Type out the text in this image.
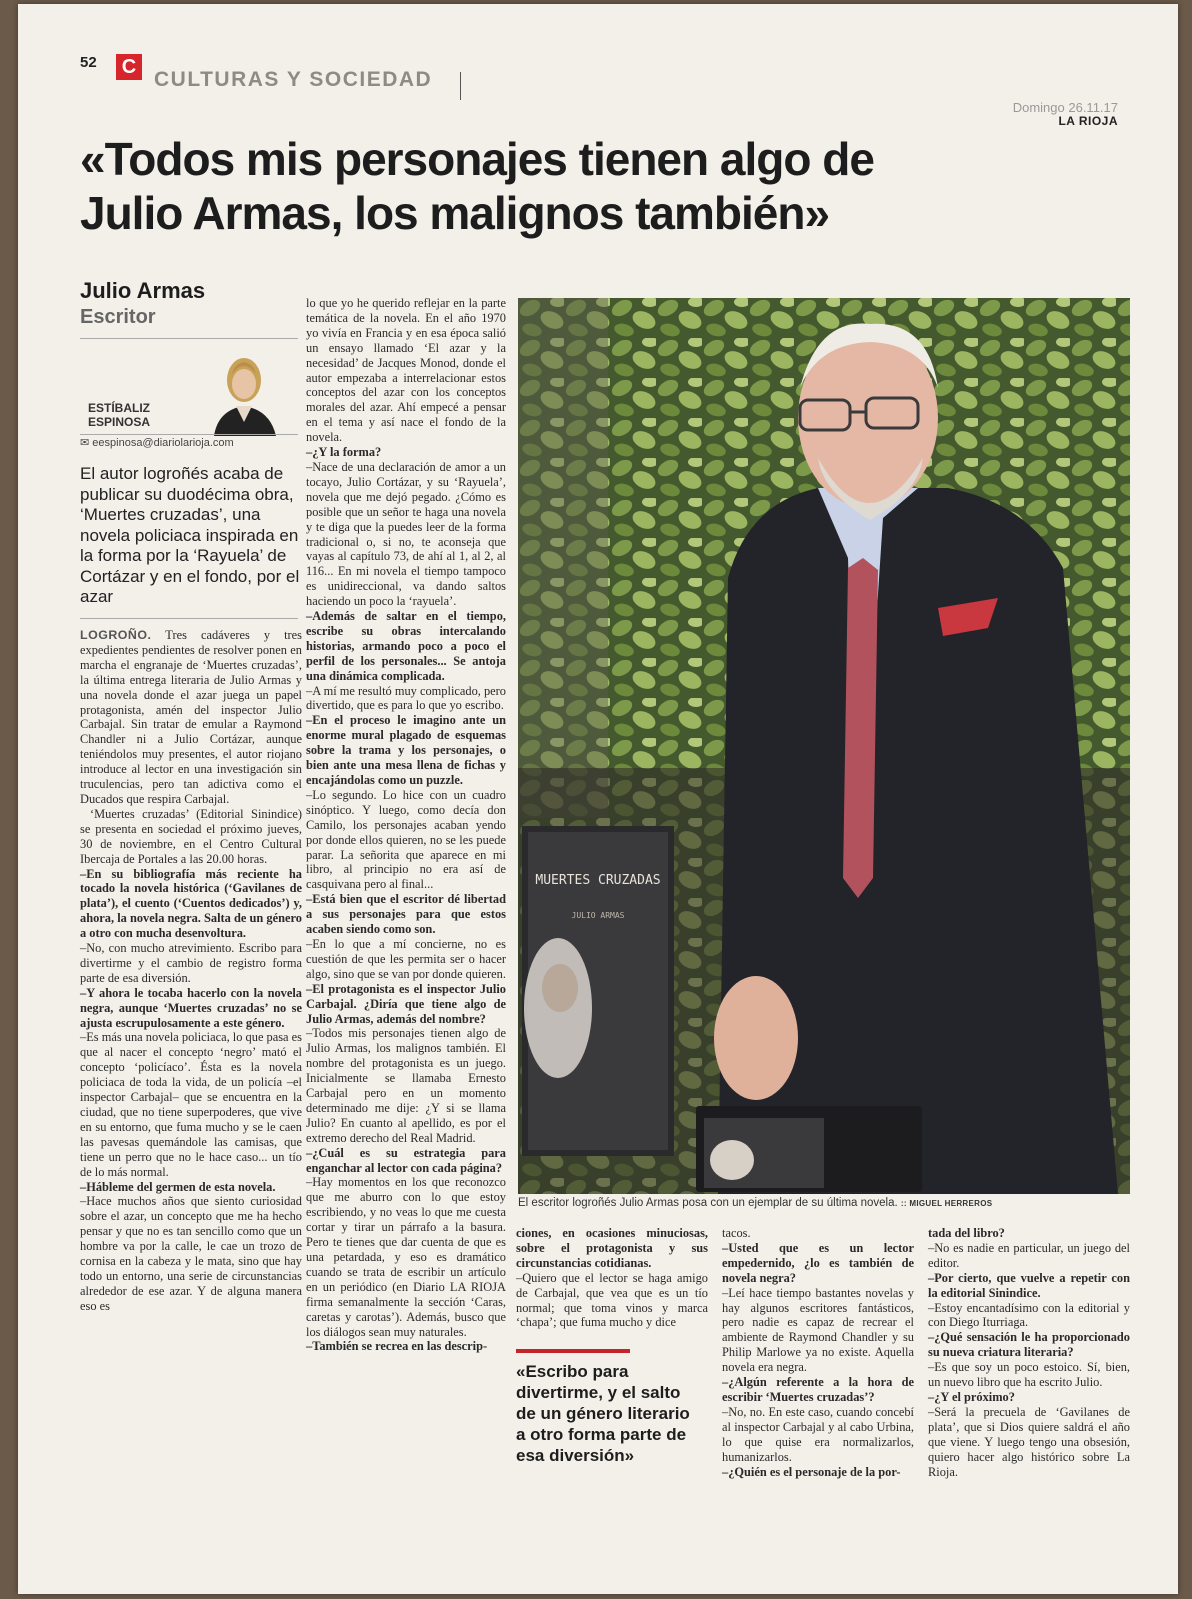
52 C
CULTURAS Y SOCIEDAD
Domingo 26.11.17
LA RIOJA
«Todos mis personajes tienen algo de
Julio Armas, los malignos también»
Julio Armas
Escritor
ESTÍBALIZ
ESPINOSA
✉ eespinosa@diariolarioja.com
El autor logroñés acaba de publicar su duodécima obra, ‘Muertes cruzadas’, una novela policiaca inspirada en la forma por la ‘Rayuela’ de Cortázar y en el fondo, por el azar

LOGROÑO. Tres cadáveres y tres expedientes pendientes de resolver ponen en marcha el engranaje de ‘Muertes cruzadas’, la última entrega literaria de Julio Armas y una novela donde el azar juega un papel protagonista, amén del inspector Julio Carbajal. Sin tratar de emular a Raymond Chandler ni a Julio Cortázar, aunque teniéndolos muy presentes, el autor riojano introduce al lector en una investigación sin truculencias, pero tan adictiva como el Ducados que respira Carbajal.

‘Muertes cruzadas’ (Editorial Sinindice) se presenta en sociedad el próximo jueves, 30 de noviembre, en el Centro Cultural Ibercaja de Portales a las 20.00 horas.

–En su bibliografía más reciente ha tocado la novela histórica (‘Gavilanes de plata’), el cuento (‘Cuentos dedicados’) y, ahora, la novela negra. Salta de un género a otro con mucha desenvoltura.

–No, con mucho atrevimiento. Escribo para divertirme y el cambio de registro forma parte de esa diversión.

–Y ahora le tocaba hacerlo con la novela negra, aunque ‘Muertes cruzadas’ no se ajusta escrupulosamente a este género.

–Es más una novela policiaca, lo que pasa es que al nacer el concepto ‘negro’ mató el concepto ‘policíaco’. Ésta es la novela policiaca de toda la vida, de un policía –el inspector Carbajal– que se encuentra en la ciudad, que no tiene superpoderes, que vive en su entorno, que fuma mucho y se le caen las pavesas quemándole las camisas, que tiene un perro que no le hace caso... un tío de lo más normal.

–Hábleme del germen de esta novela.

–Hace muchos años que siento curiosidad sobre el azar, un concepto que me ha hecho pensar y que no es tan sencillo como que un hombre va por la calle, le cae un trozo de cornisa en la cabeza y le mata, sino que hay todo un entorno, una serie de circunstancias alrededor de ese azar. Y de alguna manera eso es

lo que yo he querido reflejar en la parte temática de la novela. En el año 1970 yo vivía en Francia y en esa época salió un ensayo llamado ‘El azar y la necesidad’ de Jacques Monod, donde el autor empezaba a interrelacionar estos conceptos del azar con los conceptos morales del azar. Ahí empecé a pensar en el tema y así nace el fondo de la novela.

–¿Y la forma?

–Nace de una declaración de amor a un tocayo, Julio Cortázar, y su ‘Rayuela’, novela que me dejó pegado. ¿Cómo es posible que un señor te haga una novela y te diga que la puedes leer de la forma tradicional o, si no, te aconseja que vayas al capítulo 73, de ahí al 1, al 2, al 116... En mi novela el tiempo tampoco es unidireccional, va dando saltos haciendo un poco la ‘rayuela’.

–Además de saltar en el tiempo, escribe su obras intercalando historias, armando poco a poco el perfil de los personales... Se antoja una dinámica complicada.

–A mí me resultó muy complicado, pero divertido, que es para lo que yo escribo.

–En el proceso le imagino ante un enorme mural plagado de esquemas sobre la trama y los personajes, o bien ante una mesa llena de fichas y encajándolas como un puzzle.

–Lo segundo. Lo hice con un cuadro sinóptico. Y luego, como decía don Camilo, los personajes acaban yendo por donde ellos quieren, no se les puede parar. La señorita que aparece en mi libro, al principio no era así de casquivana pero al final...

–Está bien que el escritor dé libertad a sus personajes para que estos acaben siendo como son.

–En lo que a mí concierne, no es cuestión de que les permita ser o hacer algo, sino que se van por donde quieren.

–El protagonista es el inspector Julio Carbajal. ¿Diría que tiene algo de Julio Armas, además del nombre?

–Todos mis personajes tienen algo de Julio Armas, los malignos también. El nombre del protagonista es un juego. Inicialmente se llamaba Ernesto Carbajal pero en un momento determinado me dije: ¿Y si se llama Julio? En cuanto al apellido, es por el extremo derecho del Real Madrid.

–¿Cuál es su estrategia para enganchar al lector con cada página?

–Hay momentos en los que reconozco que me aburro con lo que estoy escribiendo, y no veas lo que me cuesta cortar y tirar un párrafo a la basura. Pero te tienes que dar cuenta de que es una petardada, y eso es dramático cuando se trata de escribir un artículo en un periódico (en Diario LA RIOJA firma semanalmente la sección ‘Caras, caretas y carotas’). Además, busco que los diálogos sean muy naturales.

–También se recrea en las descrip-

MUERTES CRUZADAS
JULIO ARMAS
El escritor logroñés Julio Armas posa con un ejemplar de su última novela. :: MIGUEL HERREROS

ciones, en ocasiones minuciosas, sobre el protagonista y sus circunstancias cotidianas.

–Quiero que el lector se haga amigo de Carbajal, que vea que es un tío normal; que toma vinos y marca ‘chapa’; que fuma mucho y dice

«Escribo para divertirme, y el salto de un género literario a otro forma parte de esa diversión»

tacos.

–Usted que es un lector empedernido, ¿lo es también de novela negra?

–Leí hace tiempo bastantes novelas y hay algunos escritores fantásticos, pero nadie es capaz de recrear el ambiente de Raymond Chandler y su Philip Marlowe ya no existe. Aquella novela era negra.

–¿Algún referente a la hora de escribir ‘Muertes cruzadas’?

–No, no. En este caso, cuando concebí al inspector Carbajal y al cabo Urbina, lo que quise era normalizarlos, humanizarlos.

–¿Quién es el personaje de la por-

tada del libro?

–No es nadie en particular, un juego del editor.

–Por cierto, que vuelve a repetir con la editorial Sinindice.

–Estoy encantadísimo con la editorial y con Diego Iturriaga.

–¿Qué sensación le ha proporcionado su nueva criatura literaria?

–Es que soy un poco estoico. Sí, bien, un nuevo libro que ha escrito Julio.

–¿Y el próximo?

–Será la precuela de ‘Gavilanes de plata’, que si Dios quiere saldrá el año que viene. Y luego tengo una obsesión, quiero hacer algo histórico sobre La Rioja.
